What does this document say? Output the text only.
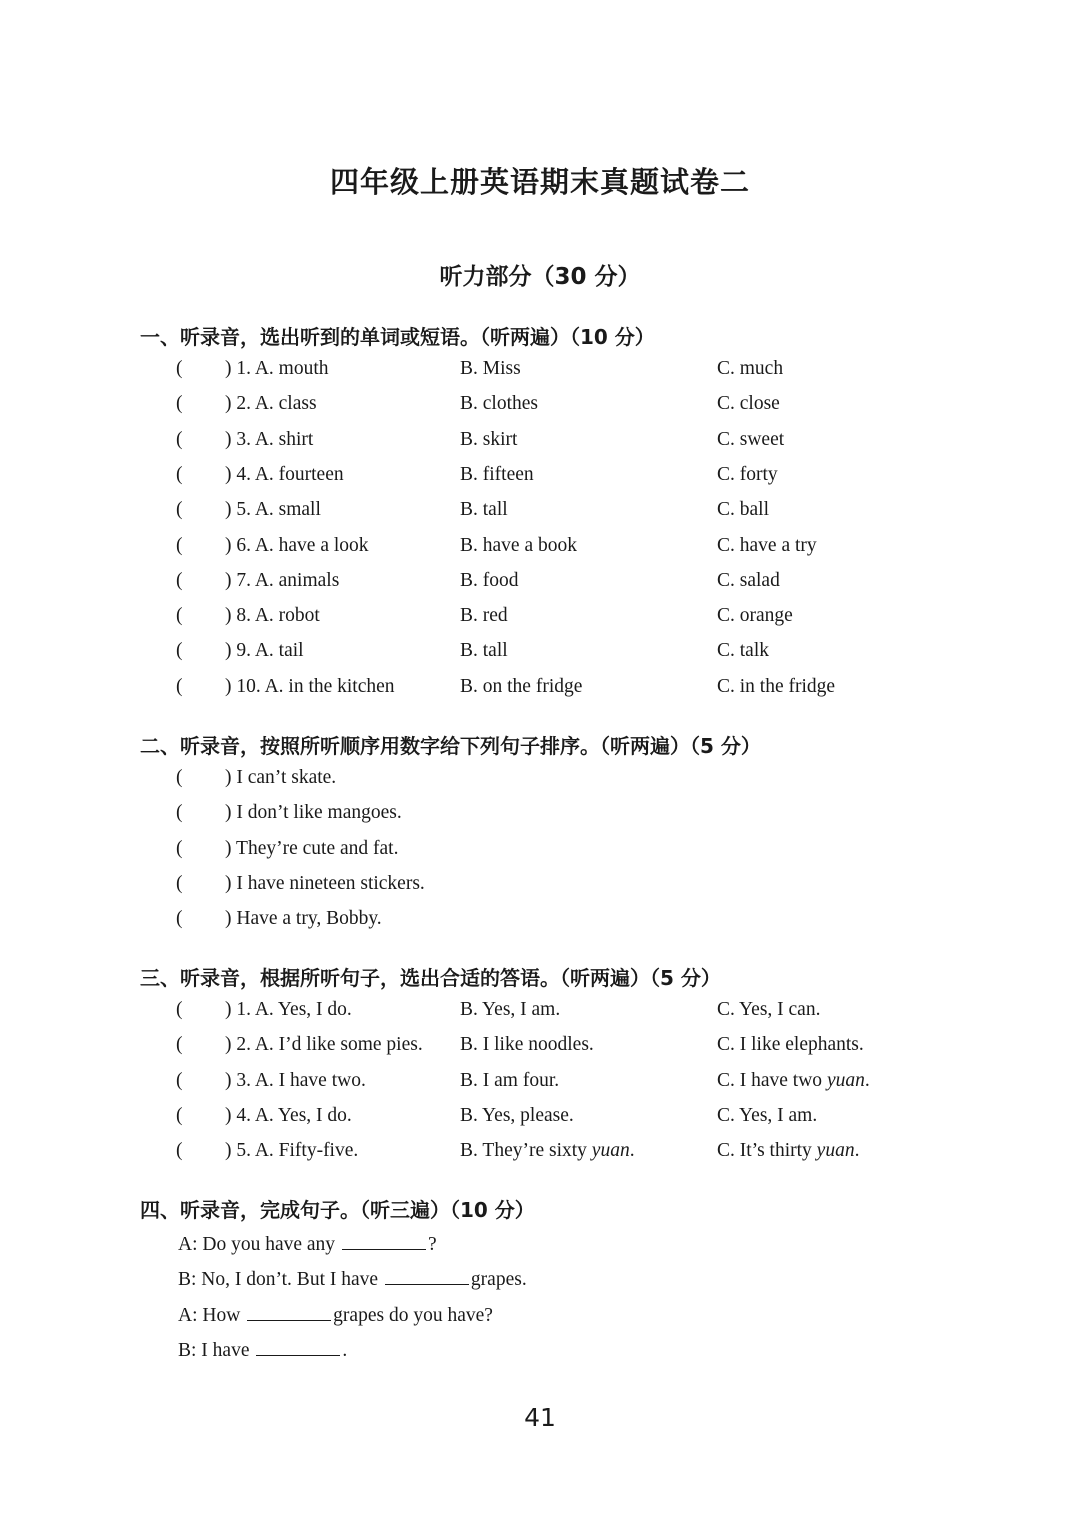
四年级上册英语期末真题试卷二
听力部分（30 分）
一、听录音，选出听到的单词或短语。（听两遍）（10 分）
( ) 1. A. mouth	B. Miss	C. much
( ) 2. A. class	B. clothes	C. close
( ) 3. A. shirt	B. skirt	C. sweet
( ) 4. A. fourteen	B. fifteen	C. forty
( ) 5. A. small	B. tall	C. ball
( ) 6. A. have a look	B. have a book	C. have a try
( ) 7. A. animals	B. food	C. salad
( ) 8. A. robot	B. red	C. orange
( ) 9. A. tail	B. tall	C. talk
( ) 10. A. in the kitchen	B. on the fridge	C. in the fridge
二、听录音，按照所听顺序用数字给下列句子排序。（听两遍）（5 分）
( ) I can’t skate.
( ) I don’t like mangoes.
( ) They’re cute and fat.
( ) I have nineteen stickers.
( ) Have a try, Bobby.
三、听录音，根据所听句子，选出合适的答语。（听两遍）（5 分）
( ) 1. A. Yes, I do.	B. Yes, I am.	C. Yes, I can.
( ) 2. A. I’d like some pies. B. I like noodles.	C. I like elephants.
( ) 3. A. I have two.	B. I am four.	C. I have two yuan.
( ) 4. A. Yes, I do.	B. Yes, please.	C. Yes, I am.
( ) 5. A. Fifty-five.	B. They’re sixty yuan.	C. It’s thirty yuan.
四、听录音，完成句子。（听三遍）（10 分）
A: Do you have any	?
B: No, I don’t. But I have	grapes.
A: How	grapes do you have?
B: I have	.
41
